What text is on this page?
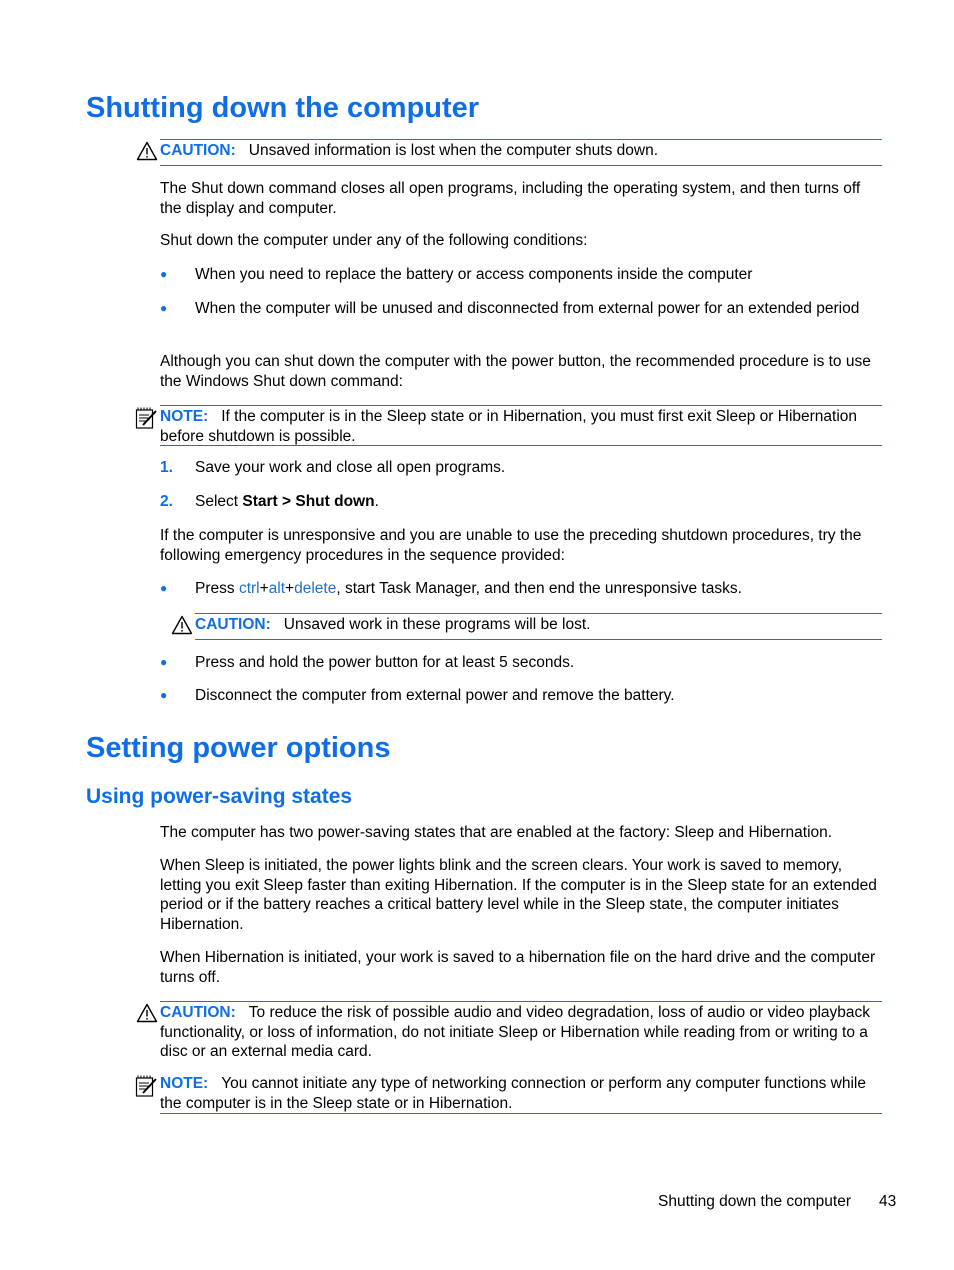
Shutting down the computer
CAUTION: Unsaved information is lost when the computer shuts down.

The Shut down command closes all open programs, including the operating system, and then turns off the display and computer.

Shut down the computer under any of the following conditions:

● When you need to replace the battery or access components inside the computer

● When the computer will be unused and disconnected from external power for an extended period

Although you can shut down the computer with the power button, the recommended procedure is to use the Windows Shut down command:

NOTE: If the computer is in the Sleep state or in Hibernation, you must first exit Sleep or Hibernation before shutdown is possible.
1. Save your work and close all open programs.

2. Select Start > Shut down.

If the computer is unresponsive and you are unable to use the preceding shutdown procedures, try the following emergency procedures in the sequence provided:

● Press ctrl+alt+delete, start Task Manager, and then end the unresponsive tasks.

CAUTION: Unsaved work in these programs will be lost.
● Press and hold the power button for at least 5 seconds.

● Disconnect the computer from external power and remove the battery.

Setting power options
Using power-saving states

The computer has two power-saving states that are enabled at the factory: Sleep and Hibernation.

When Sleep is initiated, the power lights blink and the screen clears. Your work is saved to memory, letting you exit Sleep faster than exiting Hibernation. If the computer is in the Sleep state for an extended period or if the battery reaches a critical battery level while in the Sleep state, the computer initiates Hibernation.

When Hibernation is initiated, your work is saved to a hibernation file on the hard drive and the computer turns off.

CAUTION: To reduce the risk of possible audio and video degradation, loss of audio or video playback functionality, or loss of information, do not initiate Sleep or Hibernation while reading from or writing to a disc or an external media card.
NOTE: You cannot initiate any type of networking connection or perform any computer functions while the computer is in the Sleep state or in Hibernation.
Shutting down the computer 43
